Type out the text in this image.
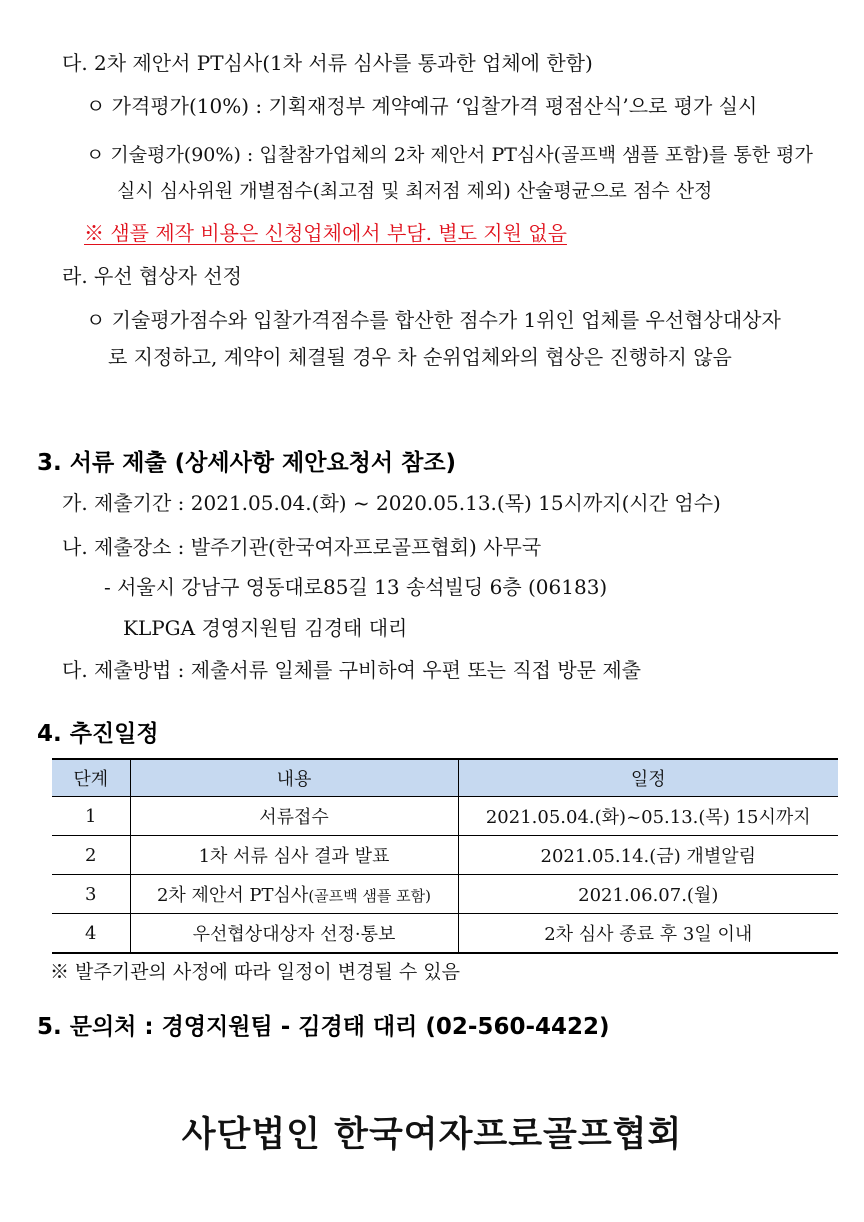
다. 2차 제안서 PT심사(1차 서류 심사를 통과한 업체에 한함)
ㅇ 가격평가(10%) : 기획재정부 계약예규 ‘입찰가격 평점산식’으로 평가 실시
ㅇ 기술평가(90%) : 입찰참가업체의 2차 제안서 PT심사(골프백 샘플 포함)를 통한 평가
실시 심사위원 개별점수(최고점 및 최저점 제외) 산술평균으로 점수 산정
※ 샘플 제작 비용은 신청업체에서 부담. 별도 지원 없음
라. 우선 협상자 선정
ㅇ 기술평가점수와 입찰가격점수를 합산한 점수가 1위인 업체를 우선협상대상자
로 지정하고, 계약이 체결될 경우 차 순위업체와의 협상은 진행하지 않음
3. 서류 제출 (상세사항 제안요청서 참조)
가. 제출기간 : 2021.05.04.(화) ~ 2020.05.13.(목) 15시까지(시간 엄수)
나. 제출장소 : 발주기관(한국여자프로골프협회) 사무국
- 서울시 강남구 영동대로85길 13 송석빌딩 6층 (06183)
KLPGA 경영지원팀 김경태 대리
다. 제출방법 : 제출서류 일체를 구비하여 우편 또는 직접 방문 제출
4. 추진일정
단계	내용	일정
1	서류접수	2021.05.04.(화)~05.13.(목) 15시까지
2	1차 서류 심사 결과 발표	2021.05.14.(금) 개별알림
3	2차 제안서 PT심사(골프백 샘플 포함)	2021.06.07.(월)
4	우선협상대상자 선정·통보	2차 심사 종료 후 3일 이내
※ 발주기관의 사정에 따라 일정이 변경될 수 있음
5. 문의처 : 경영지원팀 - 김경태 대리 (02-560-4422)
사단법인 한국여자프로골프협회
